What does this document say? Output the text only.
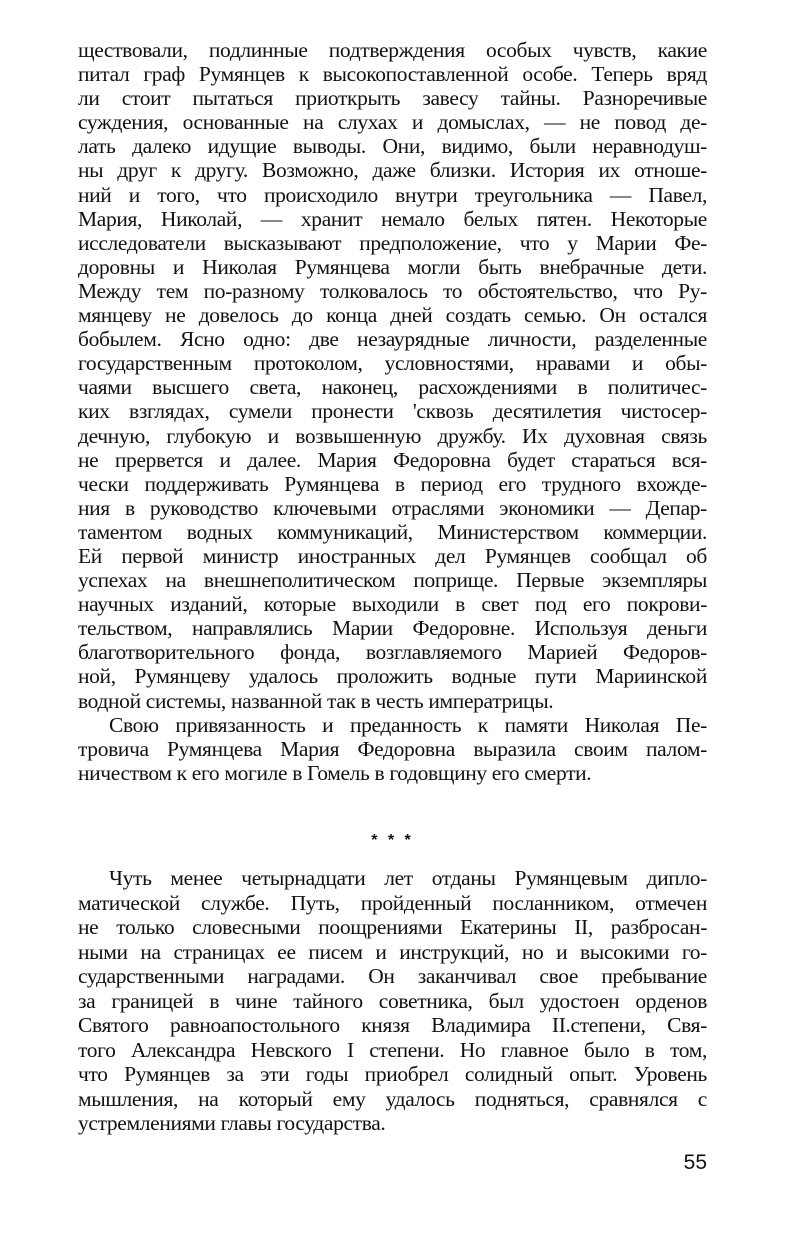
ществовали, подлинные подтверждения особых чувств, какие
питал граф Румянцев к высокопоставленной особе. Теперь вряд
ли стоит пытаться приоткрыть завесу тайны. Разноречивые
суждения, основанные на слухах и домыслах, — не повод де-
лать далеко идущие выводы. Они, видимо, были неравнодуш-
ны друг к другу. Возможно, даже близки. История их отноше-
ний и того, что происходило внутри треугольника — Павел,
Мария, Николай, — хранит немало белых пятен. Некоторые
исследователи высказывают предположение, что у Марии Фе-
доровны и Николая Румянцева могли быть внебрачные дети.
Между тем по-разному толковалось то обстоятельство, что Ру-
мянцеву не довелось до конца дней создать семью. Он остался
бобылем. Ясно одно: две незаурядные личности, разделенные
государственным протоколом, условностями, нравами и обы-
чаями высшего света, наконец, расхождениями в политичес-
ких взглядах, сумели пронести 'сквозь десятилетия чистосер-
дечную, глубокую и возвышенную дружбу. Их духовная связь
не прервется и далее. Мария Федоровна будет стараться вся-
чески поддерживать Румянцева в период его трудного вхожде-
ния в руководство ключевыми отраслями экономики — Депар-
таментом водных коммуникаций, Министерством коммерции.
Ей первой министр иностранных дел Румянцев сообщал об
успехах на внешнеполитическом поприще. Первые экземпляры
научных изданий, которые выходили в свет под его покрови-
тельством, направлялись Марии Федоровне. Используя деньги
благотворительного фонда, возглавляемого Марией Федоров-
ной, Румянцеву удалось проложить водные пути Мариинской
водной системы, названной так в честь императрицы.
Свою привязанность и преданность к памяти Николая Пе-
тровича Румянцева Мария Федоровна выразила своим палом-
ничеством к его могиле в Гомель в годовщину его смерти.
* * *
Чуть менее четырнадцати лет отданы Румянцевым дипло-
матической службе. Путь, пройденный посланником, отмечен
не только словесными поощрениями Екатерины II, разбросан-
ными на страницах ее писем и инструкций, но и высокими го-
сударственными наградами. Он заканчивал свое пребывание
за границей в чине тайного советника, был удостоен орденов
Святого равноапостольного князя Владимира II.степени, Свя-
того Александра Невского I степени. Но главное было в том,
что Румянцев за эти годы приобрел солидный опыт. Уровень
мышления, на который ему удалось подняться, сравнялся с
устремлениями главы государства.
55
